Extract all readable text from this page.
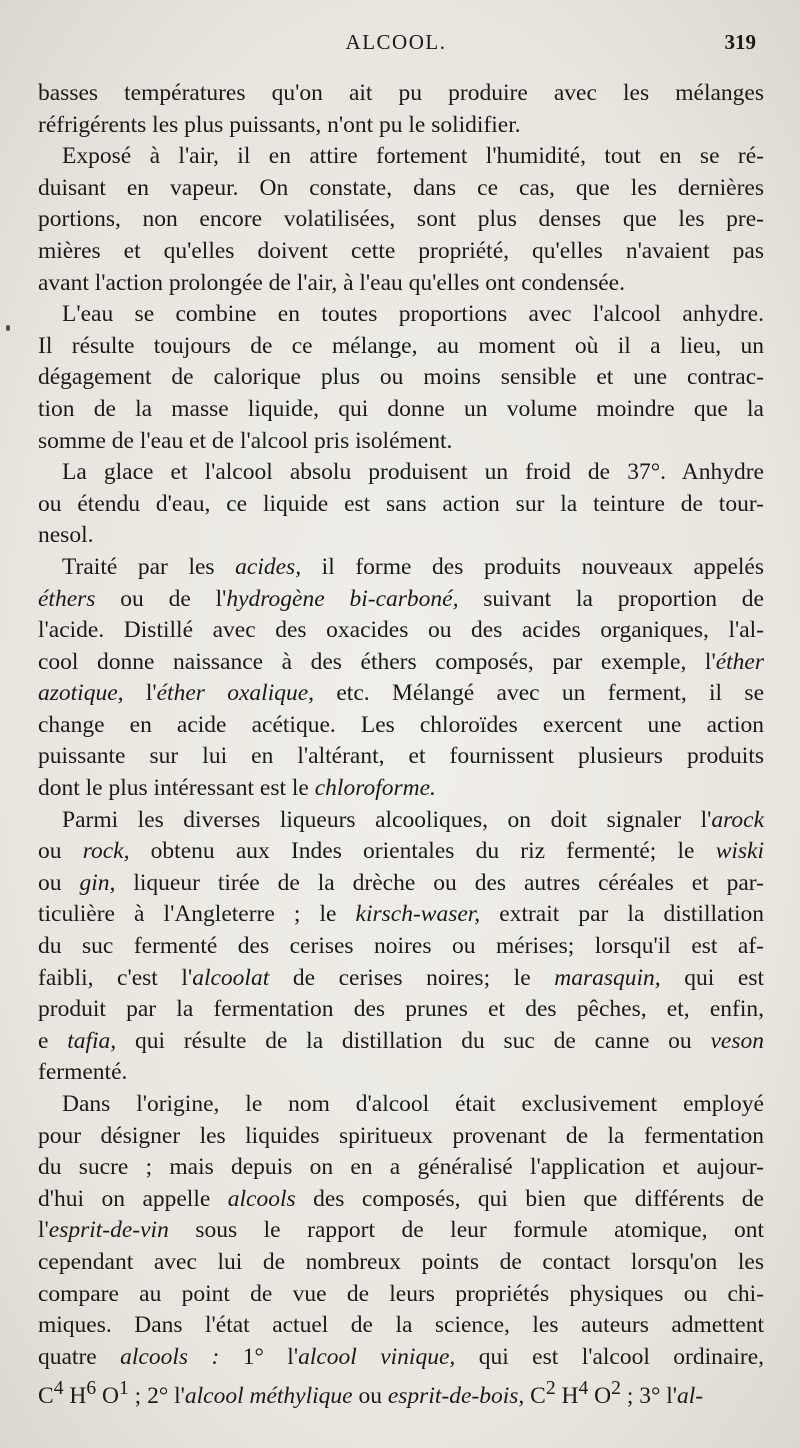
ALCOOL.	319
basses températures qu'on ait pu produire avec les mélanges
réfrigérents les plus puissants, n'ont pu le solidifier.
Exposé à l'air, il en attire fortement l'humidité, tout en se ré-
duisant en vapeur. On constate, dans ce cas, que les dernières
portions, non encore volatilisées, sont plus denses que les pre-
mières et qu'elles doivent cette propriété, qu'elles n'avaient pas
avant l'action prolongée de l'air, à l'eau qu'elles ont condensée.
L'eau se combine en toutes proportions avec l'alcool anhydre.
Il résulte toujours de ce mélange, au moment où il a lieu, un
dégagement de calorique plus ou moins sensible et une contrac-
tion de la masse liquide, qui donne un volume moindre que la
somme de l'eau et de l'alcool pris isolément.
La glace et l'alcool absolu produisent un froid de 37°. Anhydre
ou étendu d'eau, ce liquide est sans action sur la teinture de tour-
nesol.
Traité par les acides, il forme des produits nouveaux appelés
éthers ou de l'hydrogène bi-carboné, suivant la proportion de
l'acide. Distillé avec des oxacides ou des acides organiques, l'al-
cool donne naissance à des éthers composés, par exemple, l'éther
azotique, l'éther oxalique, etc. Mélangé avec un ferment, il se
change en acide acétique. Les chloroïdes exercent une action
puissante sur lui en l'altérant, et fournissent plusieurs produits
dont le plus intéressant est le chloroforme.
Parmi les diverses liqueurs alcooliques, on doit signaler l'arock
ou rock, obtenu aux Indes orientales du riz fermenté; le wiski
ou gin, liqueur tirée de la drèche ou des autres céréales et par-
ticulière à l'Angleterre ; le kirsch-waser, extrait par la distillation
du suc fermenté des cerises noires ou mérises; lorsqu'il est af-
faibli, c'est l'alcoolat de cerises noires; le marasquin, qui est
produit par la fermentation des prunes et des pêches, et, enfin,
e tafia, qui résulte de la distillation du suc de canne ou veson
fermenté.
Dans l'origine, le nom d'alcool était exclusivement employé
pour désigner les liquides spiritueux provenant de la fermentation
du sucre ; mais depuis on en a généralisé l'application et aujour-
d'hui on appelle alcools des composés, qui bien que différents de
l'esprit-de-vin sous le rapport de leur formule atomique, ont
cependant avec lui de nombreux points de contact lorsqu'on les
compare au point de vue de leurs propriétés physiques ou chi-
miques. Dans l'état actuel de la science, les auteurs admettent
quatre alcools : 1° l'alcool vinique, qui est l'alcool ordinaire,
$C^4$ $H^6$ $O^1$ ; 2° l'alcool méthylique ou esprit-de-bois, $C^2$ $H^4$ $O^2$ ; 3° l'al-
